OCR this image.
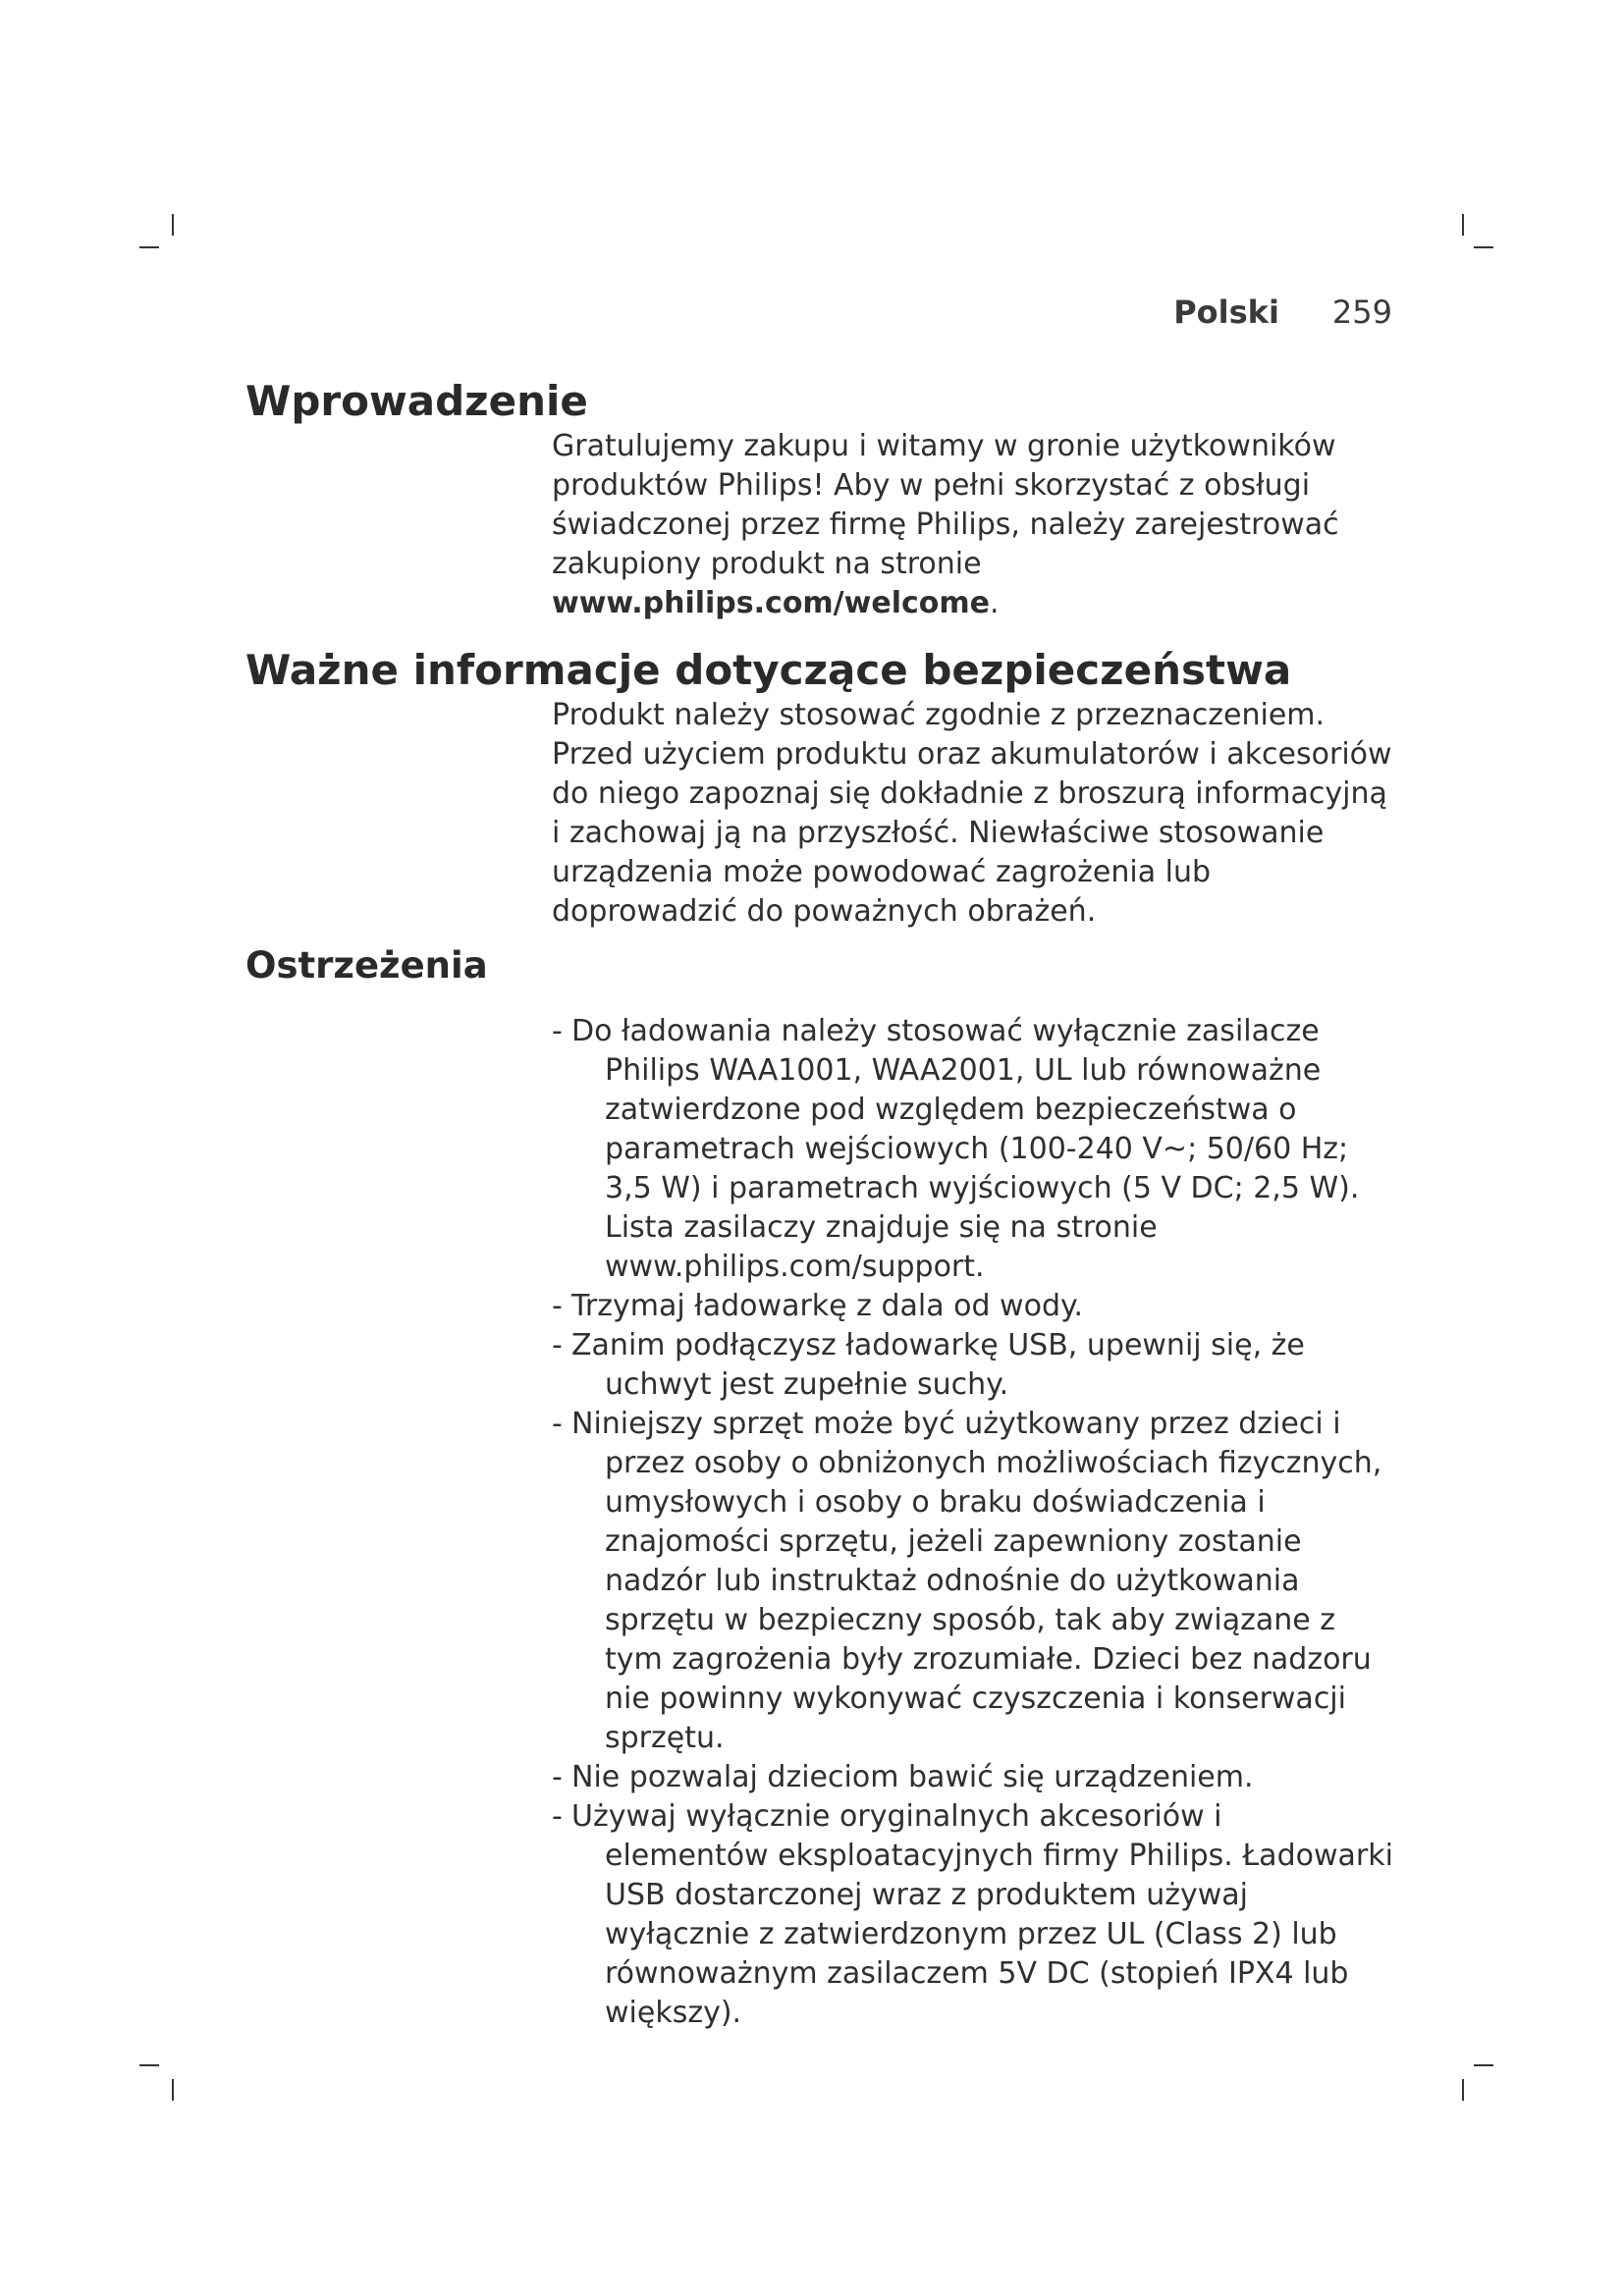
Polski 259
Wprowadzenie

Gratulujemy zakupu i witamy w gronie użytkowników produktów Philips! Aby w pełni skorzystać z obsługi świadczonej przez firmę Philips, należy zarejestrować zakupiony produkt na stronie
www.philips.com/welcome.

Ważne informacje dotyczące bezpieczeństwa

Produkt należy stosować zgodnie z przeznaczeniem. Przed użyciem produktu oraz akumulatorów i akcesoriów do niego zapoznaj się dokładnie z broszurą informacyjną i zachowaj ją na przyszłość. Niewłaściwe stosowanie urządzenia może powodować zagrożenia lub doprowadzić do poważnych obrażeń.

Ostrzeżenia
- Do ładowania należy stosować wyłącznie zasilacze Philips WAA1001, WAA2001, UL lub równoważne zatwierdzone pod względem bezpieczeństwa o parametrach wejściowych (100-240 V~; 50/60 Hz; 3,5 W) i parametrach wyjściowych (5 V DC; 2,5 W). Lista zasilaczy znajduje się na stronie www.philips.com/support.
- Trzymaj ładowarkę z dala od wody.
- Zanim podłączysz ładowarkę USB, upewnij się, że uchwyt jest zupełnie suchy.
- Niniejszy sprzęt może być użytkowany przez dzieci i przez osoby o obniżonych możliwościach fizycznych, umysłowych i osoby o braku doświadczenia i znajomości sprzętu, jeżeli zapewniony zostanie nadzór lub instruktaż odnośnie do użytkowania sprzętu w bezpieczny sposób, tak aby związane z tym zagrożenia były zrozumiałe. Dzieci bez nadzoru nie powinny wykonywać czyszczenia i konserwacji sprzętu.
- Nie pozwalaj dzieciom bawić się urządzeniem.
- Używaj wyłącznie oryginalnych akcesoriów i elementów eksploatacyjnych firmy Philips. Ładowarki USB dostarczonej wraz z produktem używaj wyłącznie z zatwierdzonym przez UL (Class 2) lub równoważnym zasilaczem 5V DC (stopień IPX4 lub większy).
